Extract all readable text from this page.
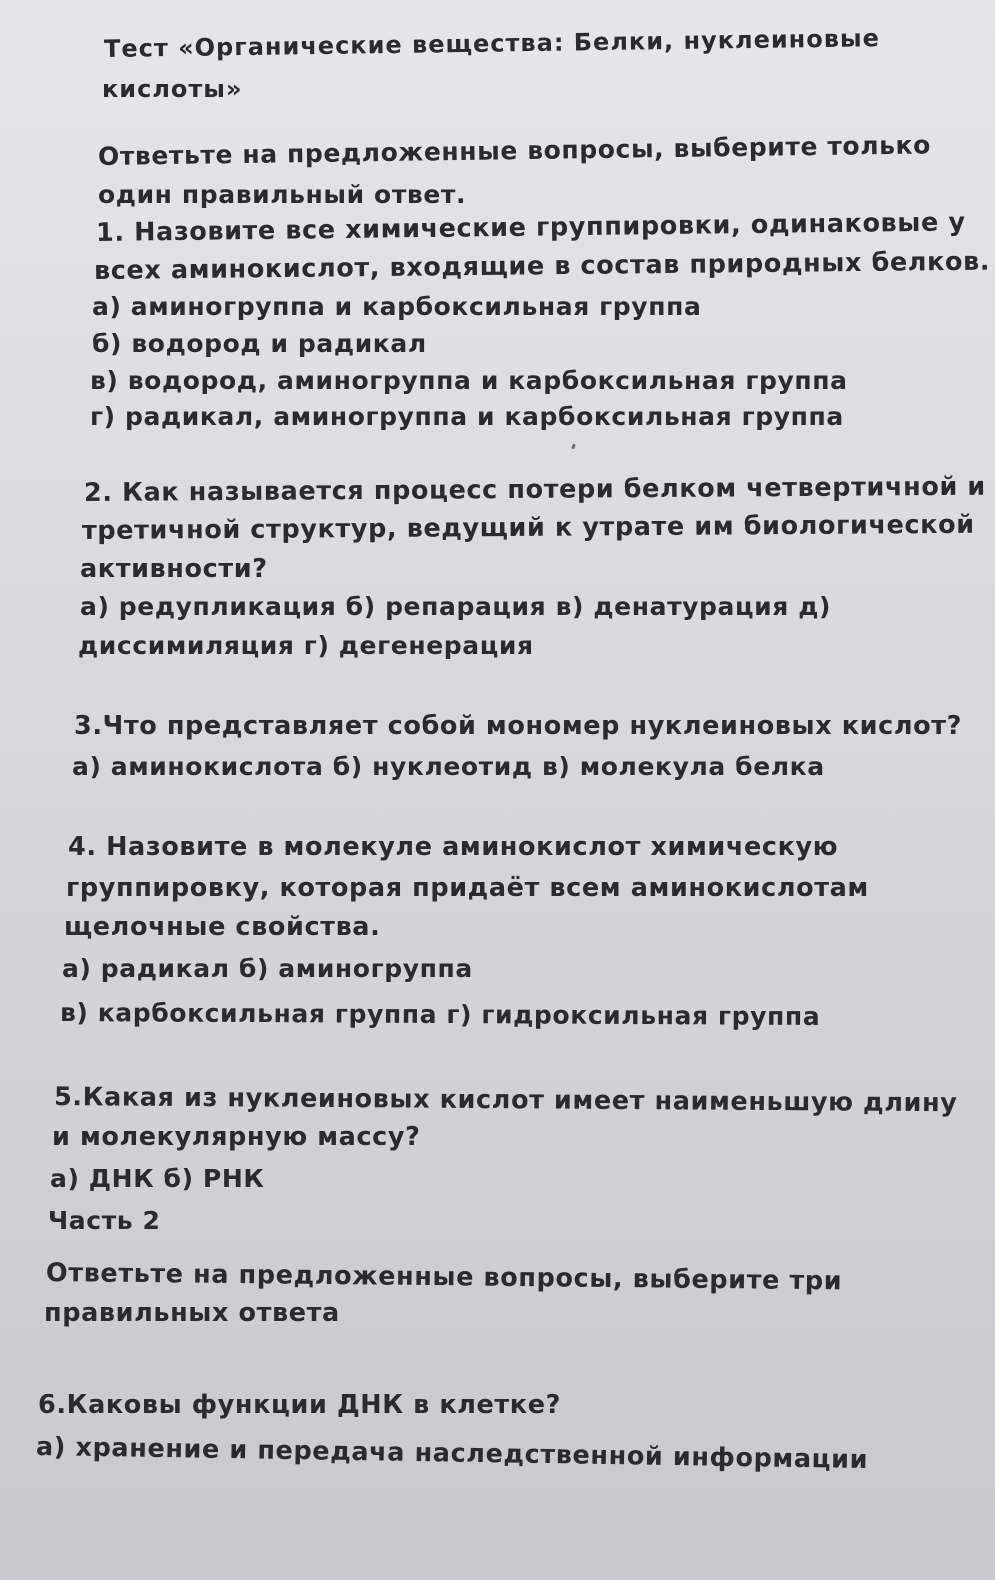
Тест «Органические вещества: Белки, нуклеиновые
кислоты»
Ответьте на предложенные вопросы, выберите только
один правильный ответ.
1. Назовите все химические группировки, одинаковые у
всех аминокислот, входящие в состав природных белков.
а) аминогруппа и карбоксильная группа
б) водород и радикал
в) водород, аминогруппа и карбоксильная группа
г) радикал, аминогруппа и карбоксильная группа
2. Как называется процесс потери белком четвертичной и
третичной структур, ведущий к утрате им биологической
активности?
а) редупликация б) репарация в) денатурация д)
диссимиляция г) дегенерация
3.Что представляет собой мономер нуклеиновых кислот?
а) аминокислота б) нуклеотид в) молекула белка
4. Назовите в молекуле аминокислот химическую
группировку, которая придаёт всем аминокислотам
щелочные свойства.
а) радикал б) аминогруппа
в) карбоксильная группа г) гидроксильная группа
5.Какая из нуклеиновых кислот имеет наименьшую длину
и молекулярную массу?
а) ДНК б) РНК
Часть 2
Ответьте на предложенные вопросы, выберите три
правильных ответа
6.Каковы функции ДНК в клетке?
а) хранение и передача наследственной информации
